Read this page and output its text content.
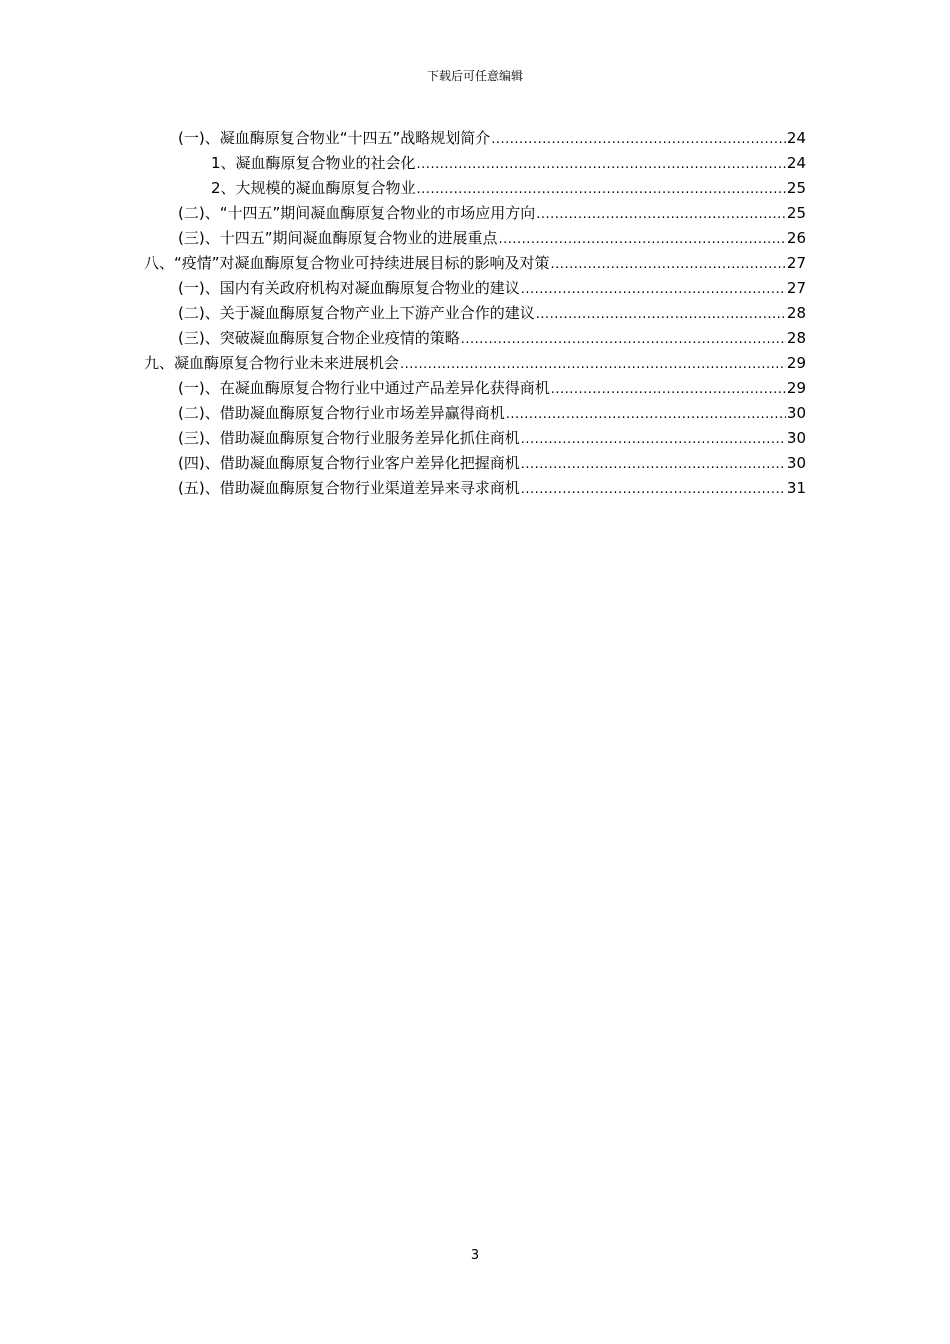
下载后可任意编辑
(一)、凝血酶原复合物业“十四五”战略规划简介 .....	24
1、凝血酶原复合物业的社会化 .....	24
2、大规模的凝血酶原复合物业 .....	25
(二)、“十四五”期间凝血酶原复合物业的市场应用方向 .....	25
(三)、十四五”期间凝血酶原复合物业的进展重点 .....	26
八、“疫情”对凝血酶原复合物业可持续进展目标的影响及对策 .....	27
(一)、国内有关政府机构对凝血酶原复合物业的建议 .....	27
(二)、关于凝血酶原复合物产业上下游产业合作的建议 .....	28
(三)、突破凝血酶原复合物企业疫情的策略 .....	28
九、凝血酶原复合物行业未来进展机会 .....	29
(一)、在凝血酶原复合物行业中通过产品差异化获得商机 .....	29
(二)、借助凝血酶原复合物行业市场差异赢得商机 .....	30
(三)、借助凝血酶原复合物行业服务差异化抓住商机 .....	30
(四)、借助凝血酶原复合物行业客户差异化把握商机 .....	30
(五)、借助凝血酶原复合物行业渠道差异来寻求商机 .....	31
3
